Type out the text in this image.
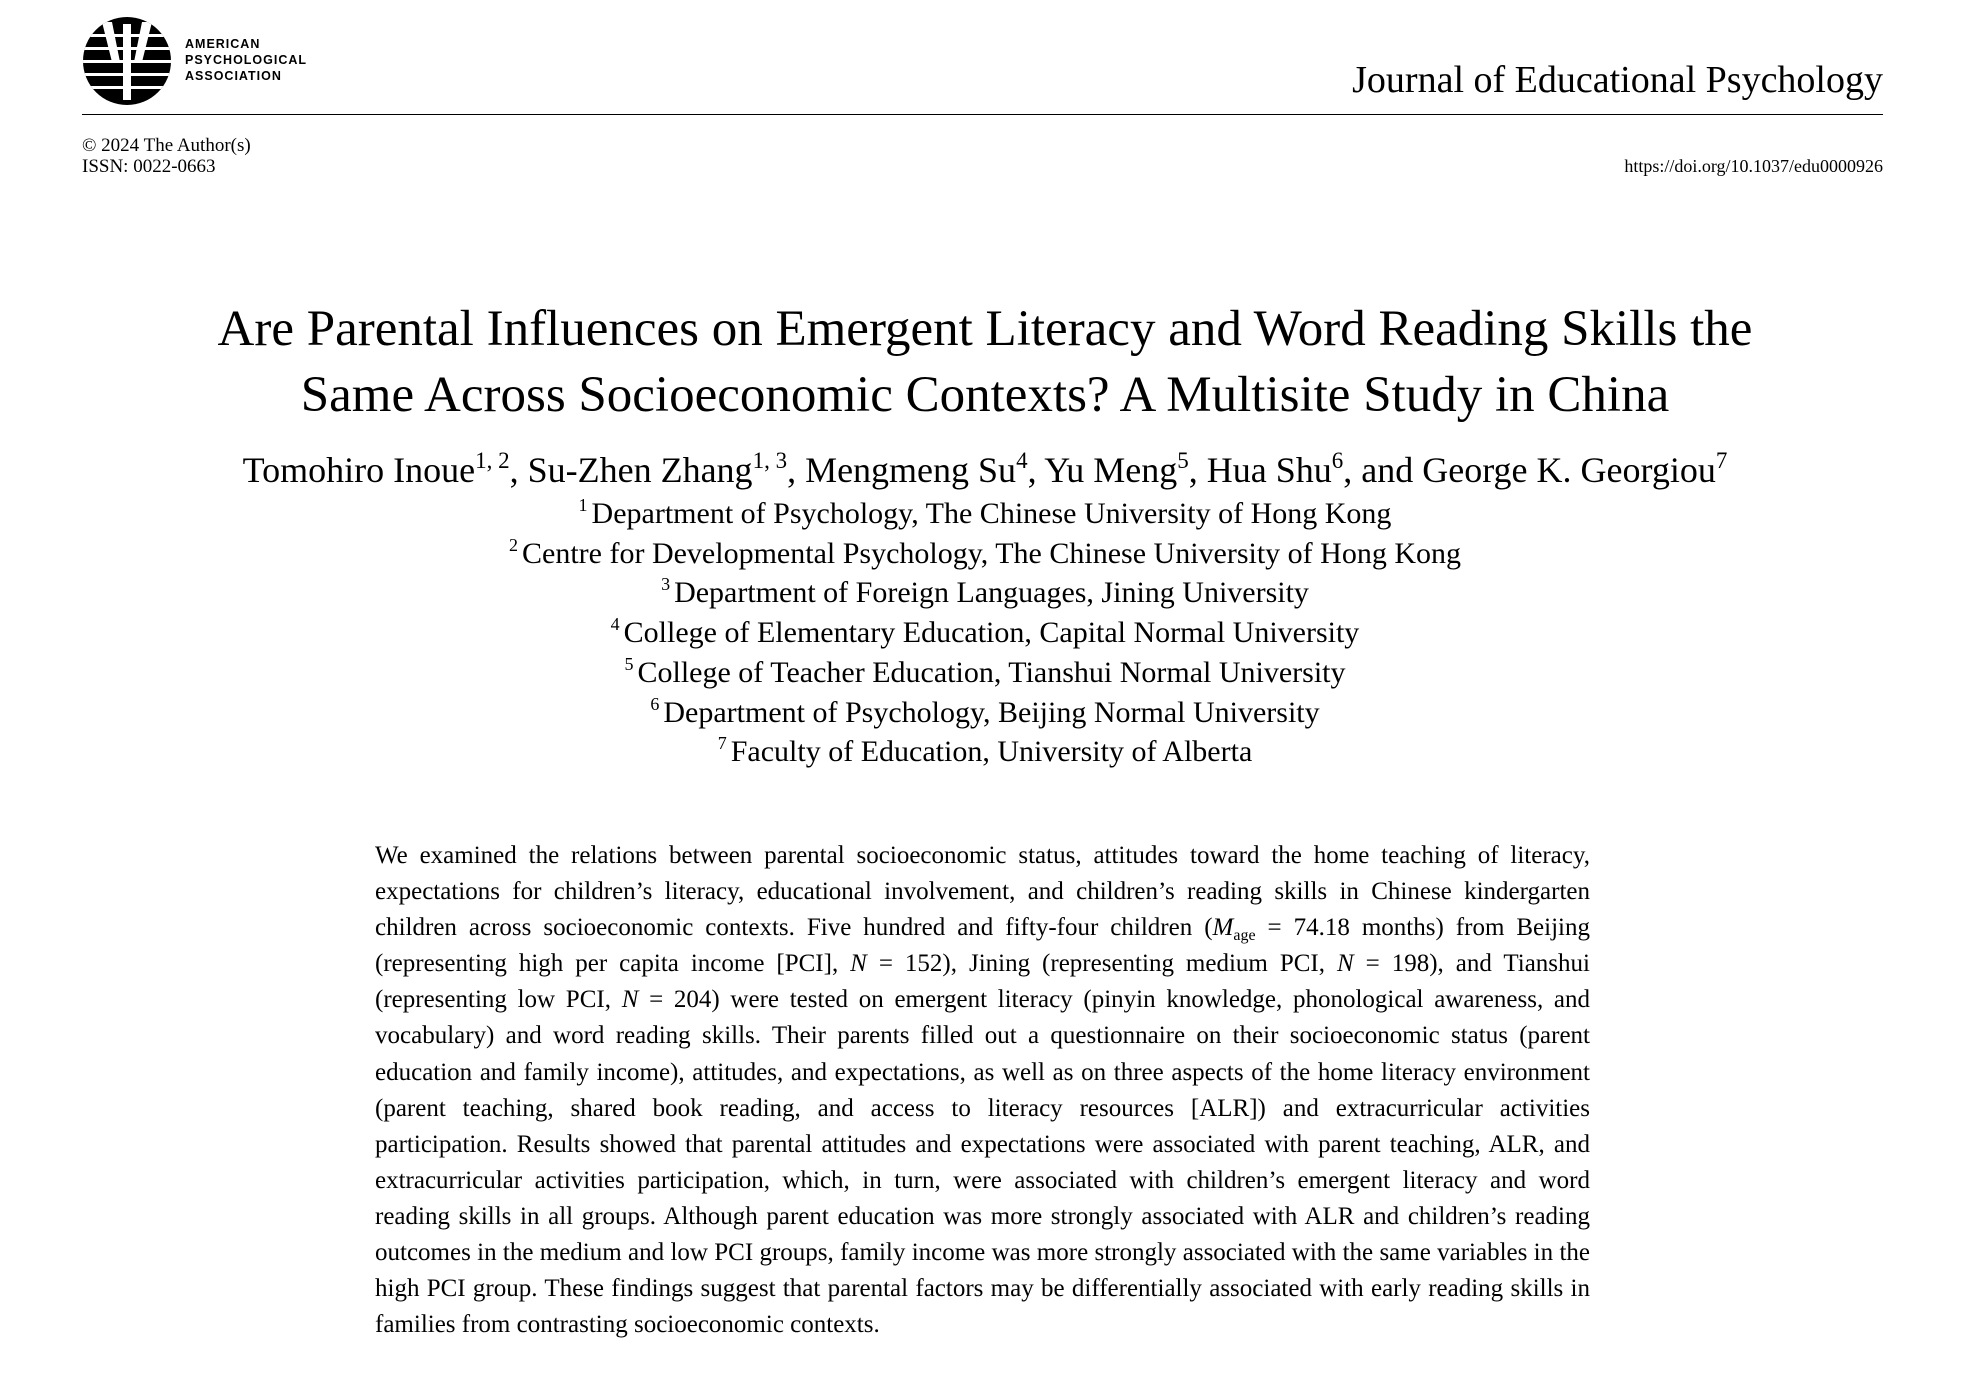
AMERICAN
PSYCHOLOGICAL
ASSOCIATION	Journal of Educational Psychology
© 2024 The Author(s)
ISSN: 0022-0663	https://doi.org/10.1037/edu0000926
Are Parental Influences on Emergent Literacy and Word Reading Skills the
Same Across Socioeconomic Contexts? A Multisite Study in China
Tomohiro Inoue$^{1, 2}$, Su-Zhen Zhang$^{1, 3}$, Mengmeng Su$^4$, Yu Meng$^5$, Hua Shu$^6$, and George K. Georgiou$^7$
$^1$ Department of Psychology, The Chinese University of Hong Kong
$^2$ Centre for Developmental Psychology, The Chinese University of Hong Kong
$^3$ Department of Foreign Languages, Jining University
$^4$ College of Elementary Education, Capital Normal University
$^5$ College of Teacher Education, Tianshui Normal University
$^6$ Department of Psychology, Beijing Normal University
$^7$ Faculty of Education, University of Alberta

We examined the relations between parental socioeconomic status, attitudes toward the home teaching of literacy, expectations for children’s literacy, educational involvement, and children’s reading skills in Chinese kindergarten children across socioeconomic contexts. Five hundred and fifty-four children ($M_{age} = 74.18$ months) from Beijing (representing high per capita income [PCI], N = 152), Jining (representing medium PCI, N = 198), and Tianshui (representing low PCI, N = 204) were tested on emergent literacy (pinyin knowledge, phonological awareness, and vocabulary) and word reading skills. Their parents filled out a questionnaire on their socioeconomic status (parent education and family income), attitudes, and expectations, as well as on three aspects of the home literacy environment (parent teaching, shared book reading, and access to literacy resources [ALR]) and extracurricular activities participation. Results showed that parental attitudes and expectations were associated with parent teaching, ALR, and extracurricular activities participation, which, in turn, were associated with children’s emergent literacy and word reading skills in all groups. Although parent education was more strongly associated with ALR and children’s reading outcomes in the medium and low PCI groups, family income was more strongly associated with the same variables in the high PCI group. These findings suggest that parental factors may be differentially associated with early reading skills in families from contrasting socioeconomic contexts.
